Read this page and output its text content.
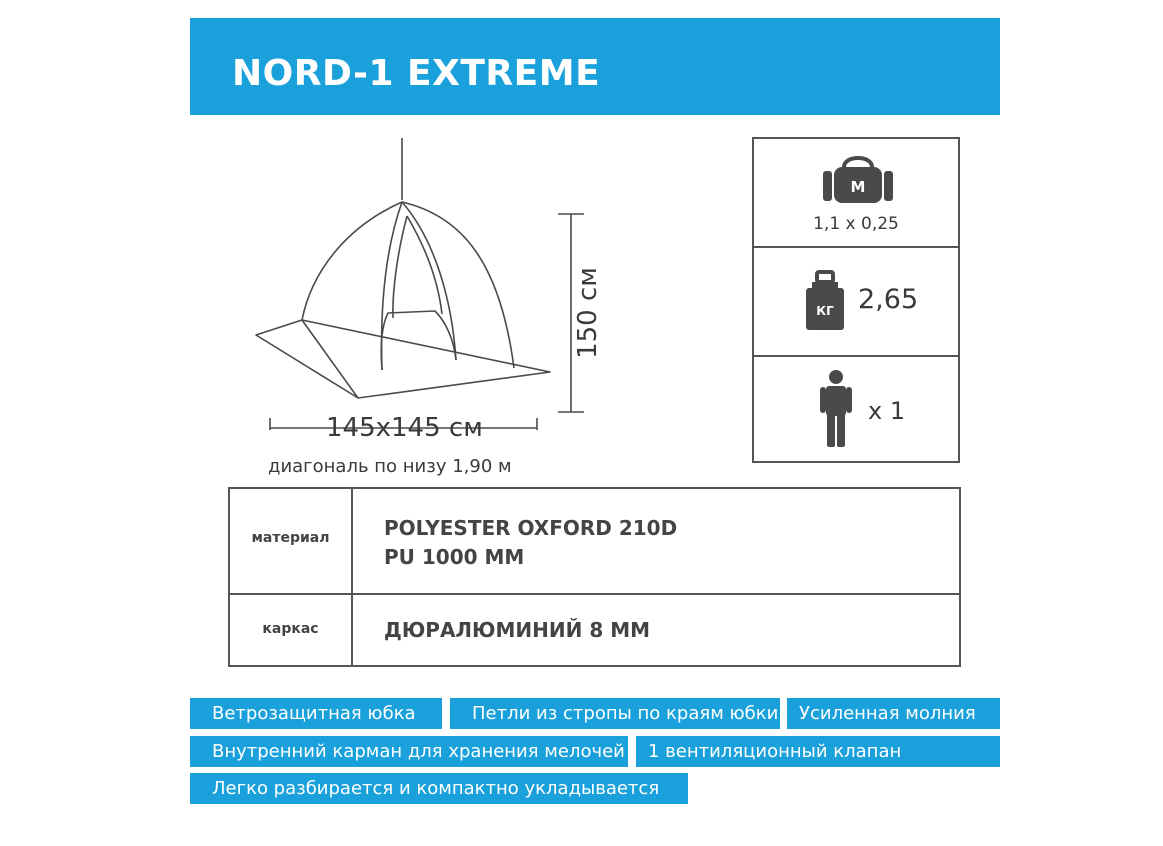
NORD-1 EXTREME
145x145 см
150 см
диагональ по низу 1,90 м
М
1,1 х 0,25
КГ 2,65
x 1
материал	POLYESTER OXFORD 210D
PU 1000 ММ
каркас	ДЮРАЛЮМИНИЙ 8 ММ
Ветрозащитная юбка	Петли из стропы по краям юбки	Усиленная молния
Внутренний карман для хранения мелочей	1 вентиляционный клапан
Легко разбирается и компактно укладывается
